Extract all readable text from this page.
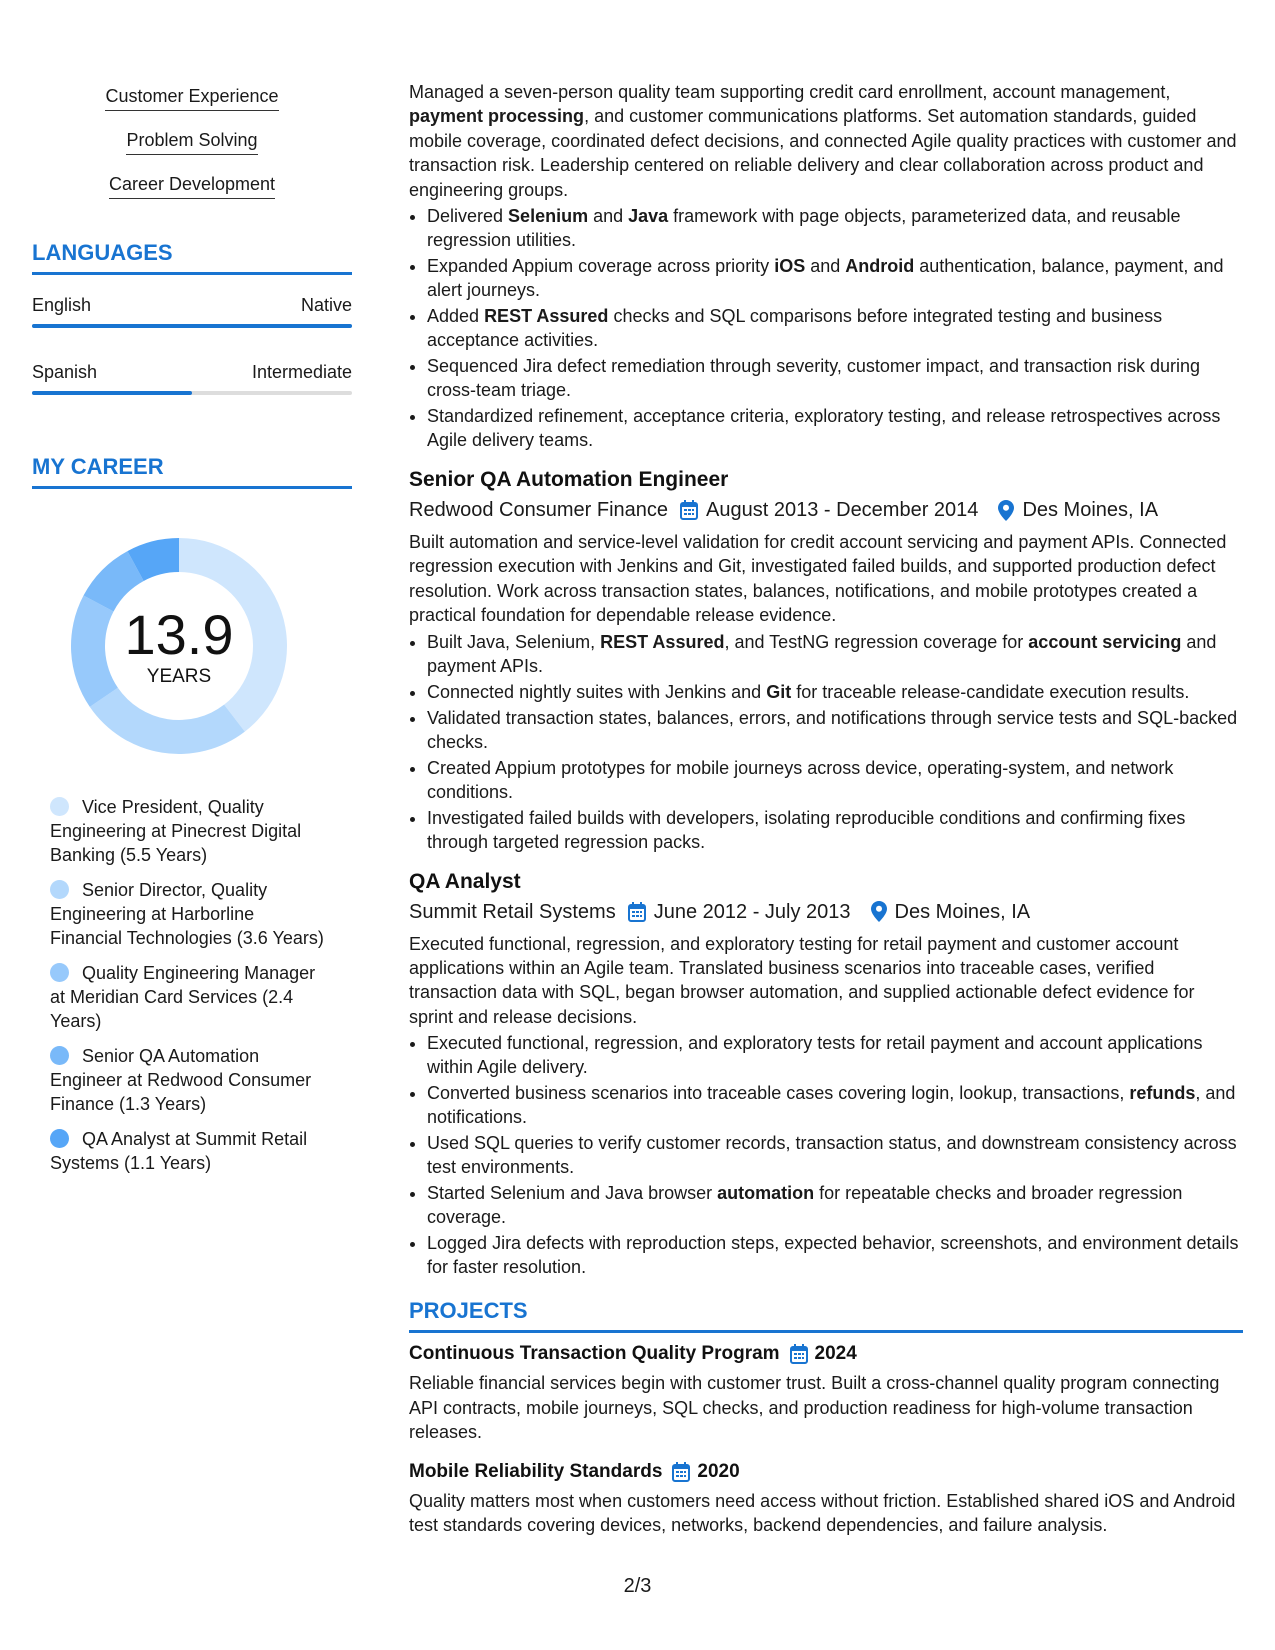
Customer Experience
Problem Solving
Career Development
LANGUAGES
English	Native
Spanish	Intermediate
MY CAREER
13.9
YEARS
Vice President, Quality Engineering at Pinecrest Digital Banking (5.5 Years)
Senior Director, Quality Engineering at Harborline Financial Technologies (3.6 Years)
Quality Engineering Manager at Meridian Card Services (2.4 Years)
Senior QA Automation Engineer at Redwood Consumer Finance (1.3 Years)
QA Analyst at Summit Retail Systems (1.1 Years)

Managed a seven-person quality team supporting credit card enrollment, account management, payment processing, and customer communications platforms. Set automation standards, guided mobile coverage, coordinated defect decisions, and connected Agile quality practices with customer and transaction risk. Leadership centered on reliable delivery and clear collaboration across product and engineering groups.

• Delivered Selenium and Java framework with page objects, parameterized data, and reusable regression utilities.
• Expanded Appium coverage across priority iOS and Android authentication, balance, payment, and alert journeys.
• Added REST Assured checks and SQL comparisons before integrated testing and business acceptance activities.
• Sequenced Jira defect remediation through severity, customer impact, and transaction risk during cross-team triage.
• Standardized refinement, acceptance criteria, exploratory testing, and release retrospectives across Agile delivery teams.
Senior QA Automation Engineer
Redwood Consumer Finance August 2013 - December 2014 Des Moines, IA

Built automation and service-level validation for credit account servicing and payment APIs. Connected regression execution with Jenkins and Git, investigated failed builds, and supported production defect resolution. Work across transaction states, balances, notifications, and mobile prototypes created a practical foundation for dependable release evidence.

• Built Java, Selenium, REST Assured, and TestNG regression coverage for account servicing and payment APIs.
• Connected nightly suites with Jenkins and Git for traceable release-candidate execution results.
• Validated transaction states, balances, errors, and notifications through service tests and SQL-backed checks.
• Created Appium prototypes for mobile journeys across device, operating-system, and network conditions.
• Investigated failed builds with developers, isolating reproducible conditions and confirming fixes through targeted regression packs.
QA Analyst
Summit Retail Systems June 2012 - July 2013 Des Moines, IA

Executed functional, regression, and exploratory testing for retail payment and customer account applications within an Agile team. Translated business scenarios into traceable cases, verified transaction data with SQL, began browser automation, and supplied actionable defect evidence for sprint and release decisions.

• Executed functional, regression, and exploratory tests for retail payment and account applications within Agile delivery.
• Converted business scenarios into traceable cases covering login, lookup, transactions, refunds, and notifications.
• Used SQL queries to verify customer records, transaction status, and downstream consistency across test environments.
• Started Selenium and Java browser automation for repeatable checks and broader regression coverage.
• Logged Jira defects with reproduction steps, expected behavior, screenshots, and environment details for faster resolution.
PROJECTS
Continuous Transaction Quality Program 2024

Reliable financial services begin with customer trust. Built a cross-channel quality program connecting API contracts, mobile journeys, SQL checks, and production readiness for high-volume transaction releases.

Mobile Reliability Standards 2020

Quality matters most when customers need access without friction. Established shared iOS and Android test standards covering devices, networks, backend dependencies, and failure analysis.

2/3
